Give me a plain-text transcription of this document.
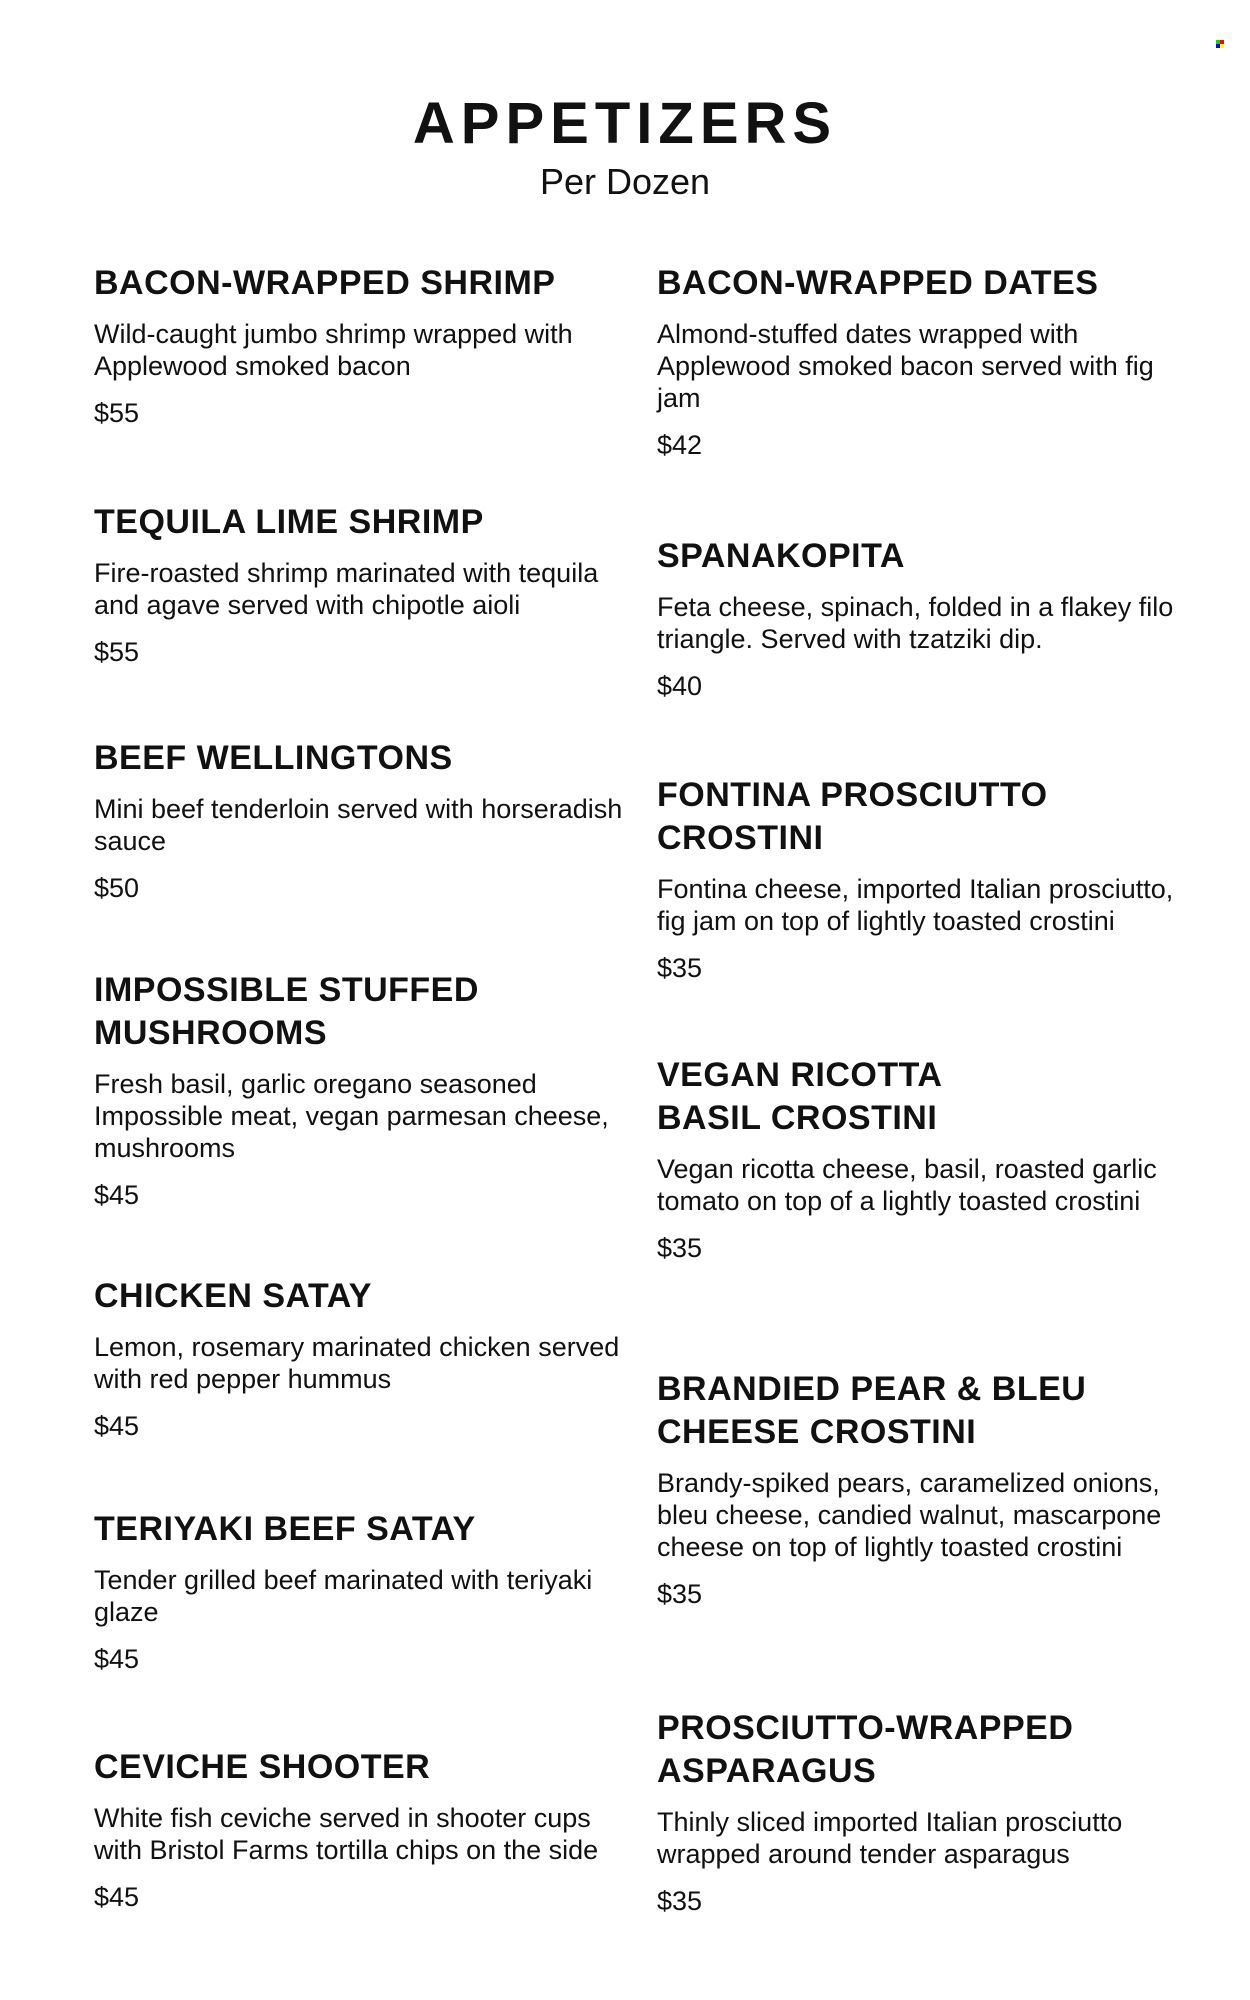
APPETIZERS
Per Dozen
BACON-WRAPPED SHRIMP

Wild-caught jumbo shrimp wrapped with Applewood smoked bacon

$55

TEQUILA LIME SHRIMP

Fire-roasted shrimp marinated with tequila and agave served with chipotle aioli

$55

BEEF WELLINGTONS

Mini beef tenderloin served with horseradish sauce

$50

IMPOSSIBLE STUFFED MUSHROOMS

Fresh basil, garlic oregano seasoned Impossible meat, vegan parmesan cheese, mushrooms

$45

CHICKEN SATAY

Lemon, rosemary marinated chicken served with red pepper hummus

$45

TERIYAKI BEEF SATAY

Tender grilled beef marinated with teriyaki glaze

$45

CEVICHE SHOOTER

White fish ceviche served in shooter cups with Bristol Farms tortilla chips on the side

$45

BACON-WRAPPED DATES

Almond-stuffed dates wrapped with Applewood smoked bacon served with fig jam

$42

SPANAKOPITA

Feta cheese, spinach, folded in a flakey filo triangle. Served with tzatziki dip.

$40

FONTINA PROSCIUTTO CROSTINI

Fontina cheese, imported Italian prosciutto, fig jam on top of lightly toasted crostini

$35

VEGAN RICOTTA BASIL CROSTINI

Vegan ricotta cheese, basil, roasted garlic tomato on top of a lightly toasted crostini

$35

BRANDIED PEAR & BLEU CHEESE CROSTINI

Brandy-spiked pears, caramelized onions, bleu cheese, candied walnut, mascarpone cheese on top of lightly toasted crostini

$35

PROSCIUTTO-WRAPPED ASPARAGUS

Thinly sliced imported Italian prosciutto wrapped around tender asparagus

$35
